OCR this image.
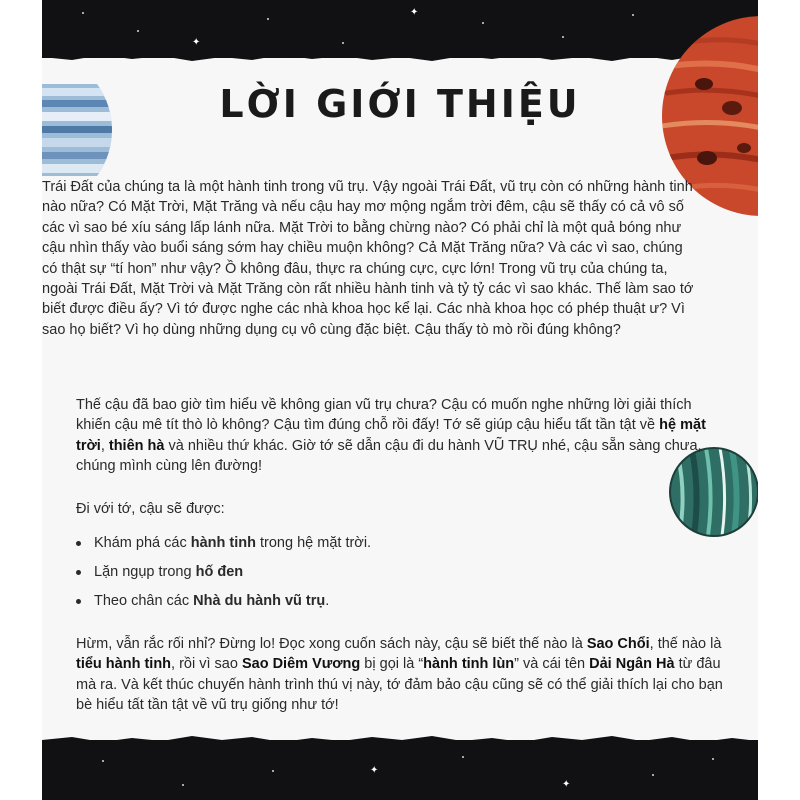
✦
✦
LỜI GIỚI THIỆU

Trái Đất của chúng ta là một hành tinh trong vũ trụ. Vậy ngoài Trái Đất, vũ trụ còn có những hành tinh nào nữa? Có Mặt Trời, Mặt Trăng và nếu cậu hay mơ mộng ngắm trời đêm, cậu sẽ thấy có cả vô số các vì sao bé xíu sáng lấp lánh nữa. Mặt Trời to bằng chừng nào? Có phải chỉ là một quả bóng như cậu nhìn thấy vào buổi sáng sớm hay chiều muộn không? Cả Mặt Trăng nữa? Và các vì sao, chúng có thật sự “tí hon” như vậy? Ồ không đâu, thực ra chúng cực, cực lớn! Trong vũ trụ của chúng ta, ngoài Trái Đất, Mặt Trời và Mặt Trăng còn rất nhiều hành tinh và tỷ tỷ các vì sao khác. Thế làm sao tớ biết được điều ấy? Vì tớ được nghe các nhà khoa học kể lại. Các nhà khoa học có phép thuật ư? Vì sao họ biết? Vì họ dùng những dụng cụ vô cùng đặc biệt. Cậu thấy tò mò rồi đúng không?

Thế cậu đã bao giờ tìm hiểu về không gian vũ trụ chưa? Cậu có muốn nghe những lời giải thích khiến cậu mê tít thò lò không? Cậu tìm đúng chỗ rồi đấy! Tớ sẽ giúp cậu hiểu tất tần tật về hệ mặt trời, thiên hà và nhiều thứ khác. Giờ tớ sẽ dẫn cậu đi du hành VŨ TRỤ nhé, cậu sẵn sàng chưa, chúng mình cùng lên đường!

Đi với tớ, cậu sẽ được:

Khám phá các hành tinh trong hệ mặt trời.
Lặn ngụp trong hố đen
Theo chân các Nhà du hành vũ trụ.

Hừm, vẫn rắc rối nhỉ? Đừng lo! Đọc xong cuốn sách này, cậu sẽ biết thế nào là Sao Chổi, thế nào là tiểu hành tinh, rồi vì sao Sao Diêm Vương bị gọi là “hành tinh lùn” và cái tên Dải Ngân Hà từ đâu mà ra. Và kết thúc chuyến hành trình thú vị này, tớ đảm bảo cậu cũng sẽ có thể giải thích lại cho bạn bè hiểu tất tần tật về vũ trụ giống như tớ!

✦
✦
